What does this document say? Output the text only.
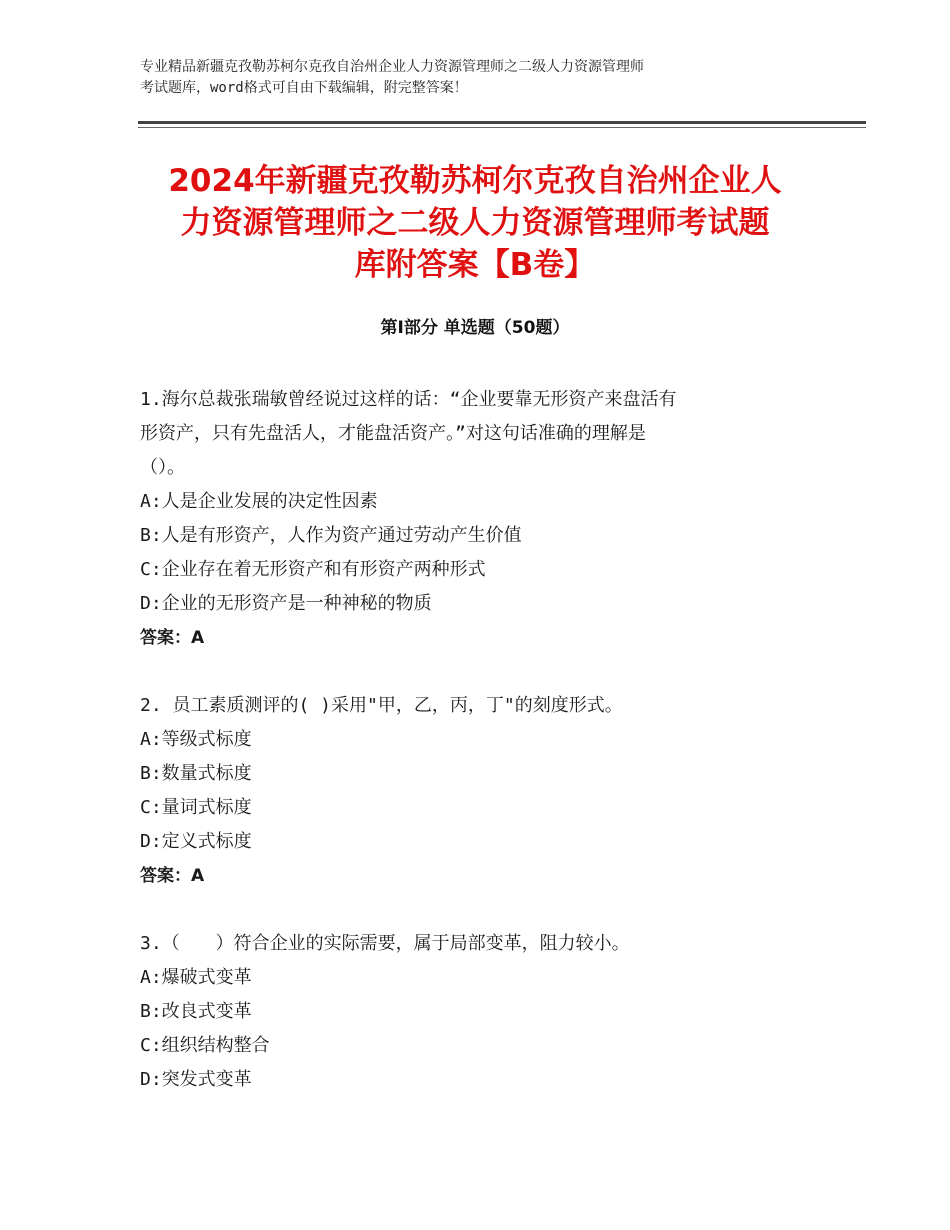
专业精品新疆克孜勒苏柯尔克孜自治州企业人力资源管理师之二级人力资源管理师
考试题库，word格式可自由下载编辑，附完整答案！
2024年新疆克孜勒苏柯尔克孜自治州企业人
力资源管理师之二级人力资源管理师考试题
库附答案【B卷】
第Ⅰ部分 单选题（50题）

1.海尔总裁张瑞敏曾经说过这样的话：“企业要靠无形资产来盘活有

形资产，只有先盘活人，才能盘活资产。”对这句话准确的理解是

（）。

A:人是企业发展的决定性因素

B:人是有形资产，人作为资产通过劳动产生价值

C:企业存在着无形资产和有形资产两种形式

D:企业的无形资产是一种神秘的物质

答案：A

2. 员工素质测评的( )采用"甲，乙，丙，丁"的刻度形式。

A:等级式标度

B:数量式标度

C:量词式标度

D:定义式标度

答案：A

3.（　　）符合企业的实际需要，属于局部变革，阻力较小。

A:爆破式变革

B:改良式变革

C:组织结构整合

D:突发式变革
